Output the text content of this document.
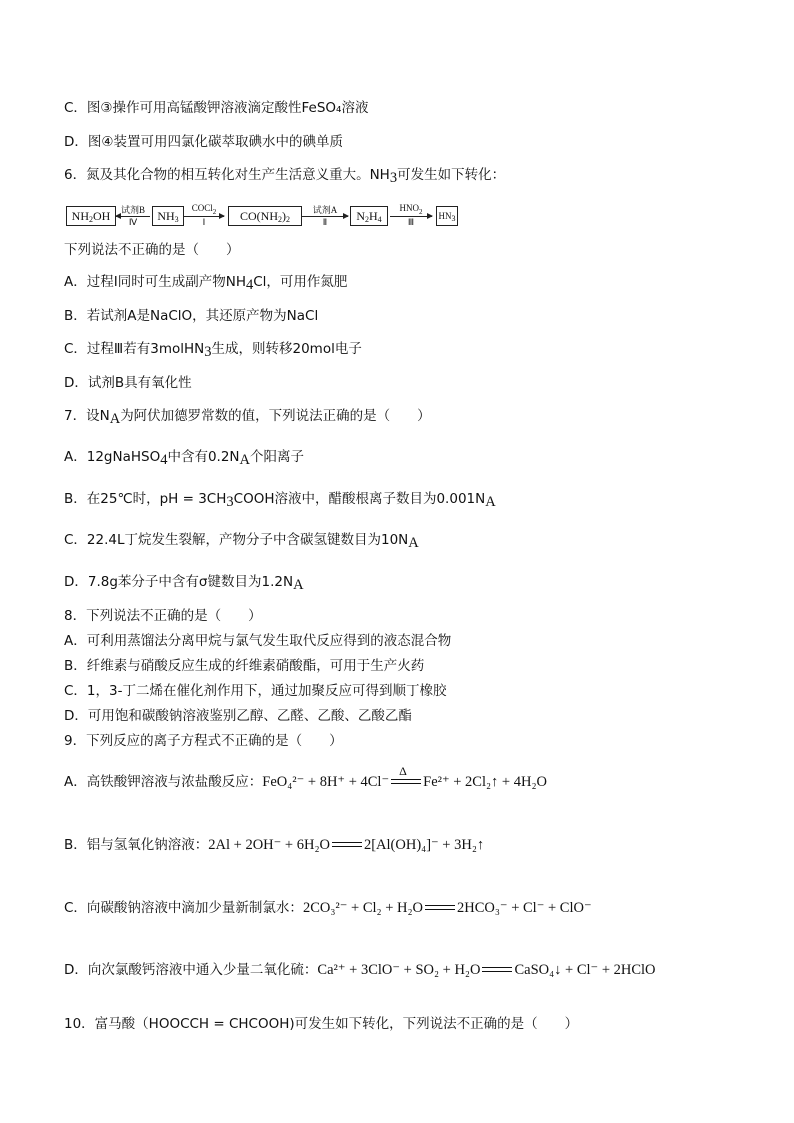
C．图③操作可用高锰酸钾溶液滴定酸性FeSO₄溶液
D．图④装置可用四氯化碳萃取碘水中的碘单质
6．氮及其化合物的相互转化对生产生活意义重大。$NH_3$可发生如下转化：
$NH_2OH$	试剂B
Ⅳ	$NH_3$
COCl$_2$
Ⅰ	$CO(NH_2)_2$
试剂A
Ⅱ	$N_2H_4$
$HNO_2$
Ⅲ
$HN_3$
下列说法不正确的是（　　）
A．过程Ⅰ同时可生成副产物$NH_4Cl$，可用作氮肥
B．若试剂A是NaClO，其还原产物为NaCl
C．过程Ⅲ若有3molHN$_3$生成，则转移20mol电子
D．试剂B具有氧化性
7．设$N_A$为阿伏加德罗常数的值，下列说法正确的是（　　）
A．12gNaHSO$_4$中含有$0.2N_A$个阳离子
B．在25℃时，pH = $3CH_3COOH$溶液中，醋酸根离子数目为$0.001N_A$
C．22.4L丁烷发生裂解，产物分子中含碳氢键数目为$10N_A$
D．7.8g苯分子中含有σ键数目为$1.2N_A$
8．下列说法不正确的是（　　）
A．可利用蒸馏法分离甲烷与氯气发生取代反应得到的液态混合物
B．纤维素与硝酸反应生成的纤维素硝酸酯，可用于生产火药
C．1，3-丁二烯在催化剂作用下，通过加聚反应可得到顺丁橡胶
D．可用饱和碳酸钠溶液鉴别乙醇、乙醛、乙酸、乙酸乙酯
9．下列反应的离子方程式不正确的是（　　）
A．高铁酸钾溶液与浓盐酸反应：FeO₄²⁻ + 8H⁺ + 4Cl⁻
Δ
Fe²⁺ + 2Cl₂↑ + 4H₂O
B．铝与氢氧化钠溶液：2Al + 2OH⁻ + 6H₂O 2[Al(OH)₄]⁻ + 3H₂↑
C．向碳酸钠溶液中滴加少量新制氯水：2CO₃²⁻ + Cl₂ + H₂O 2HCO₃⁻ + Cl⁻ + ClO⁻
D．向次氯酸钙溶液中通入少量二氧化硫：Ca²⁺ + 3ClO⁻ + SO₂ + H₂O CaSO₄↓ + Cl⁻ + 2HClO
10．富马酸（HOOCCH = CHCOOH)可发生如下转化，下列说法不正确的是（　　）
